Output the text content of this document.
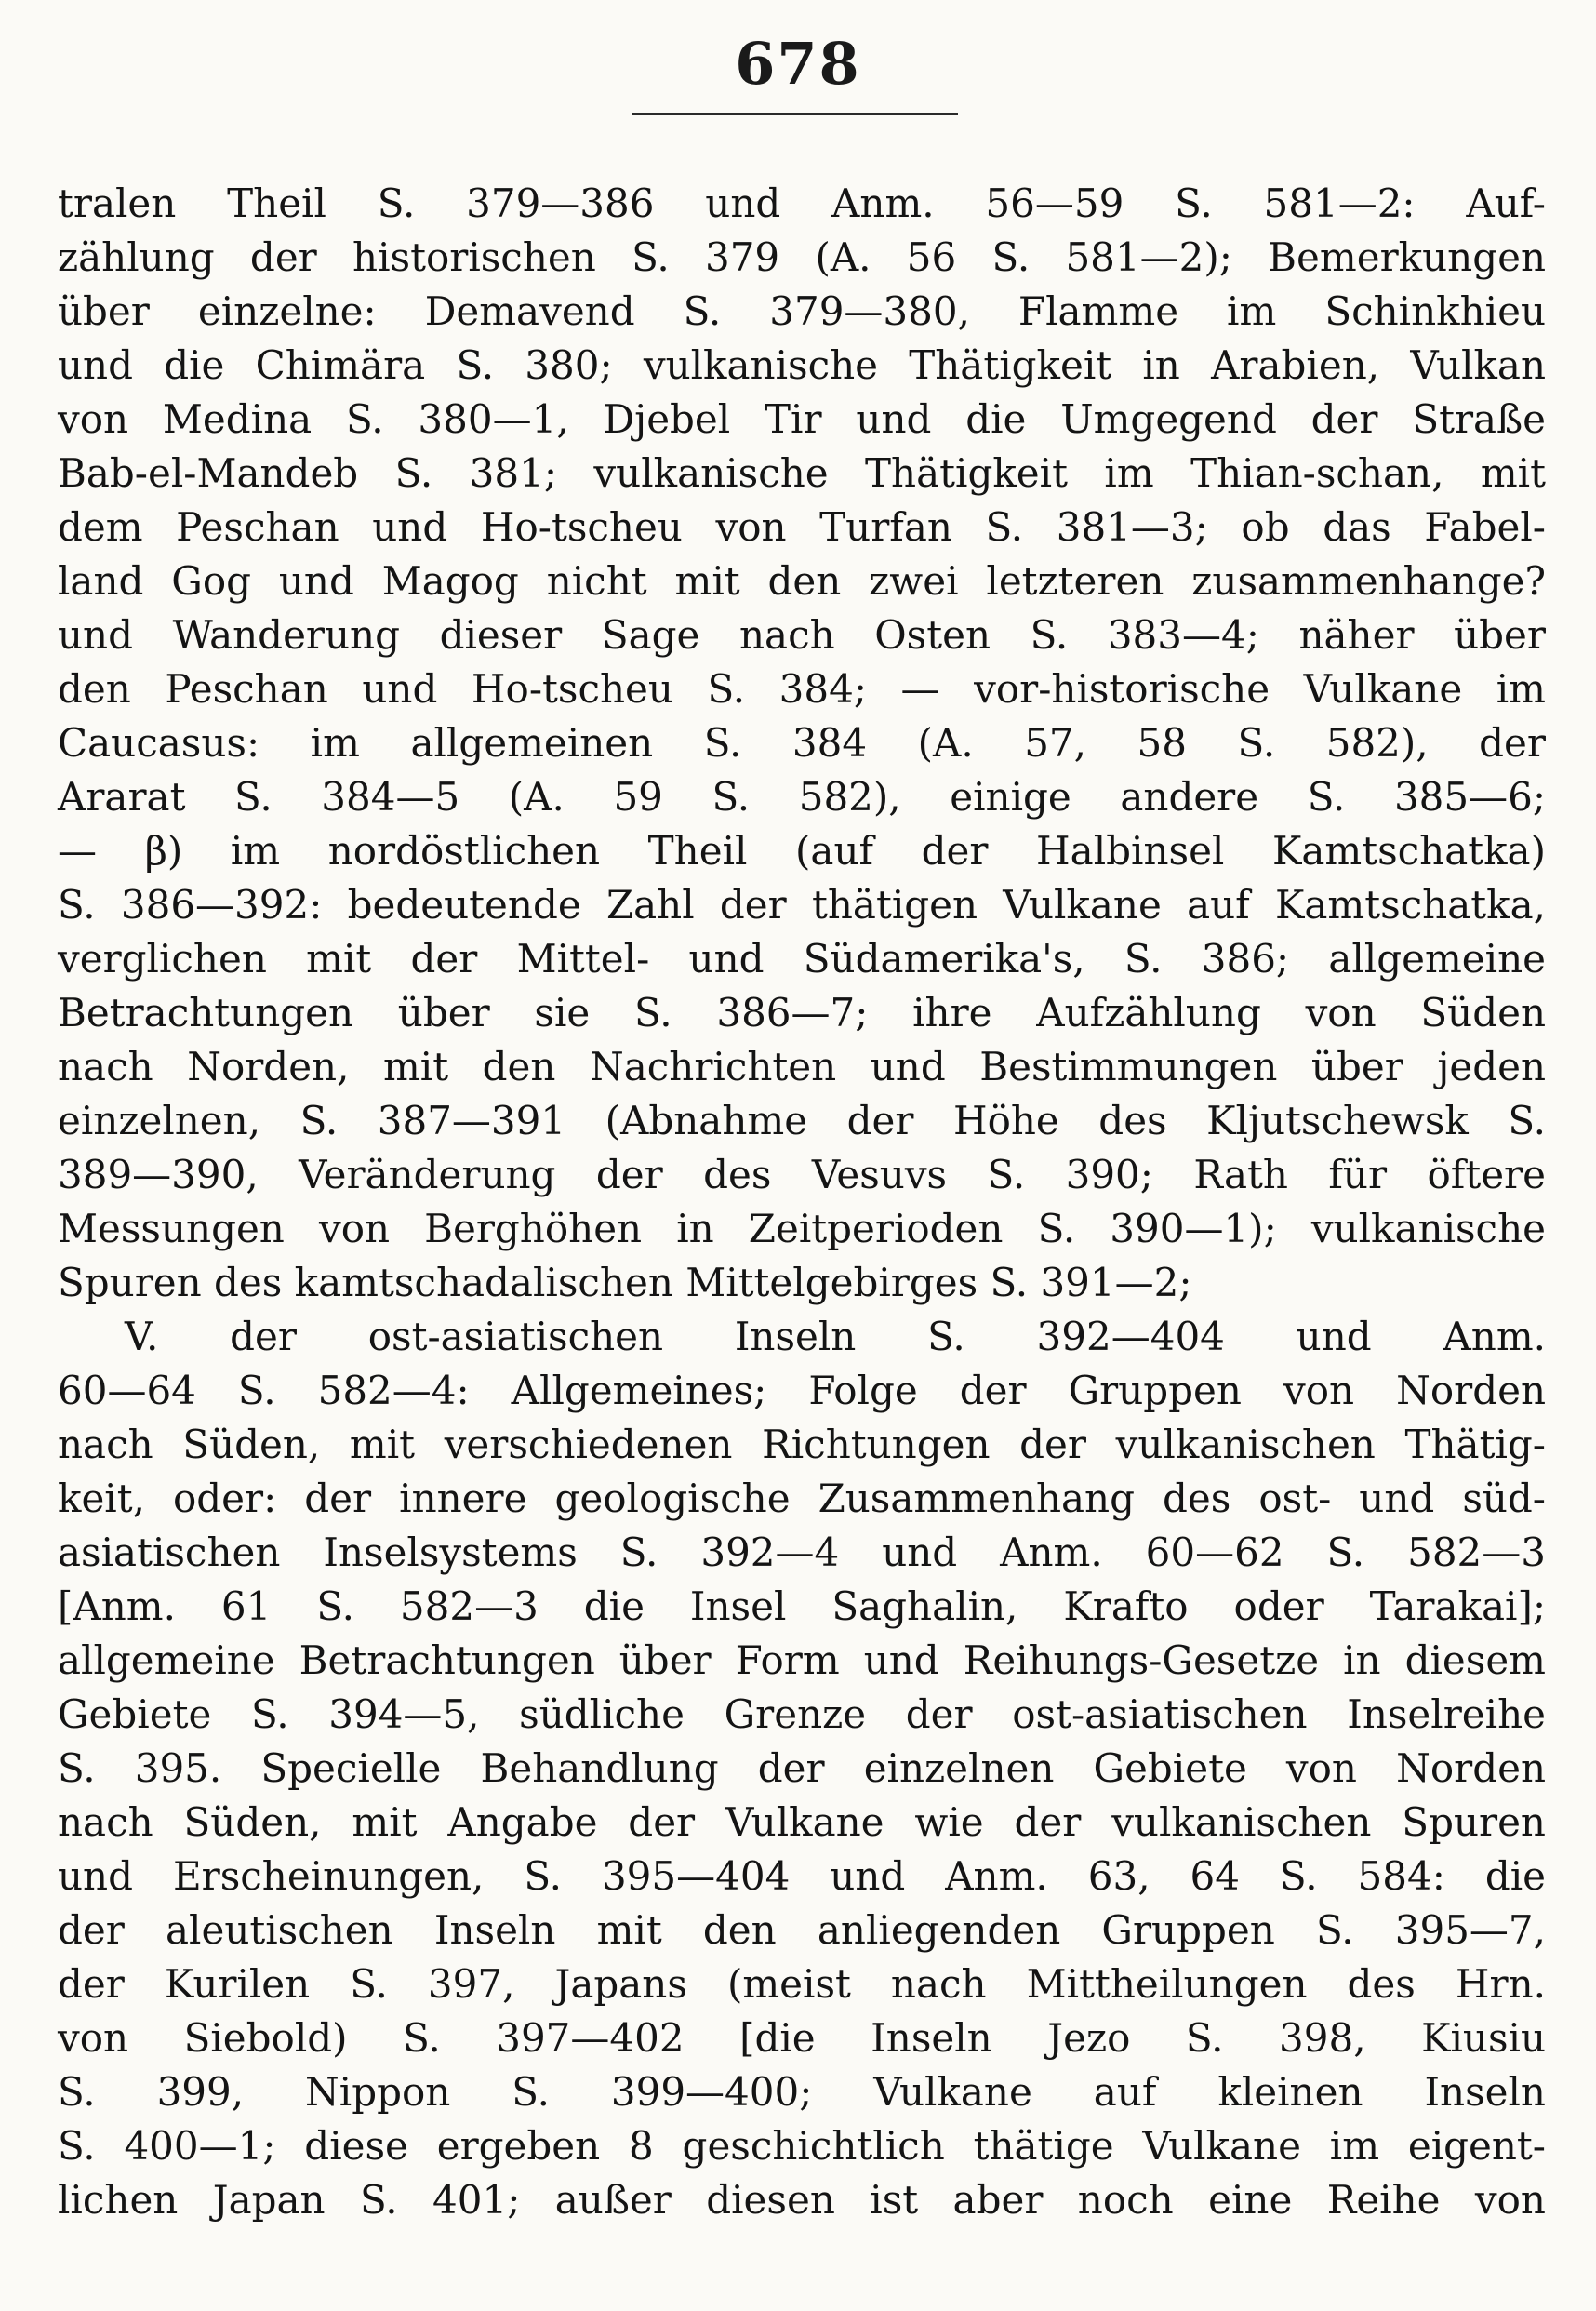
678
tralen Theil S. 379—386 und Anm. 56—59 S. 581—2: Auf-
zählung der historischen S. 379 (A. 56 S. 581—2); Bemerkungen
über einzelne: Demavend S. 379—380, Flamme im Schinkhieu
und die Chimära S. 380; vulkanische Thätigkeit in Arabien, Vulkan
von Medina S. 380—1, Djebel Tir und die Umgegend der Straße
Bab-el-Mandeb S. 381; vulkanische Thätigkeit im Thian-schan, mit
dem Peschan und Ho-tscheu von Turfan S. 381—3; ob das Fabel-
land Gog und Magog nicht mit den zwei letzteren zusammenhange?
und Wanderung dieser Sage nach Osten S. 383—4; näher über
den Peschan und Ho-tscheu S. 384; — vor-historische Vulkane im
Caucasus: im allgemeinen S. 384 (A. 57, 58 S. 582), der
Ararat S. 384—5 (A. 59 S. 582), einige andere S. 385—6;
— β) im nordöstlichen Theil (auf der Halbinsel Kamtschatka)
S. 386—392: bedeutende Zahl der thätigen Vulkane auf Kamtschatka,
verglichen mit der Mittel- und Südamerika's, S. 386; allgemeine
Betrachtungen über sie S. 386—7; ihre Aufzählung von Süden
nach Norden, mit den Nachrichten und Bestimmungen über jeden
einzelnen, S. 387—391 (Abnahme der Höhe des Kljutschewsk S.
389—390, Veränderung der des Vesuvs S. 390; Rath für öftere
Messungen von Berghöhen in Zeitperioden S. 390—1); vulkanische
Spuren des kamtschadalischen Mittelgebirges S. 391—2;
V. der ost-asiatischen Inseln S. 392—404 und Anm.
60—64 S. 582—4: Allgemeines; Folge der Gruppen von Norden
nach Süden, mit verschiedenen Richtungen der vulkanischen Thätig-
keit, oder: der innere geologische Zusammenhang des ost- und süd-
asiatischen Inselsystems S. 392—4 und Anm. 60—62 S. 582—3
[Anm. 61 S. 582—3 die Insel Saghalin, Krafto oder Tarakai];
allgemeine Betrachtungen über Form und Reihungs-Gesetze in diesem
Gebiete S. 394—5, südliche Grenze der ost-asiatischen Inselreihe
S. 395. Specielle Behandlung der einzelnen Gebiete von Norden
nach Süden, mit Angabe der Vulkane wie der vulkanischen Spuren
und Erscheinungen, S. 395—404 und Anm. 63, 64 S. 584: die
der aleutischen Inseln mit den anliegenden Gruppen S. 395—7,
der Kurilen S. 397, Japans (meist nach Mittheilungen des Hrn.
von Siebold) S. 397—402 [die Inseln Jezo S. 398, Kiusiu
S. 399, Nippon S. 399—400; Vulkane auf kleinen Inseln
S. 400—1; diese ergeben 8 geschichtlich thätige Vulkane im eigent-
lichen Japan S. 401; außer diesen ist aber noch eine Reihe von
